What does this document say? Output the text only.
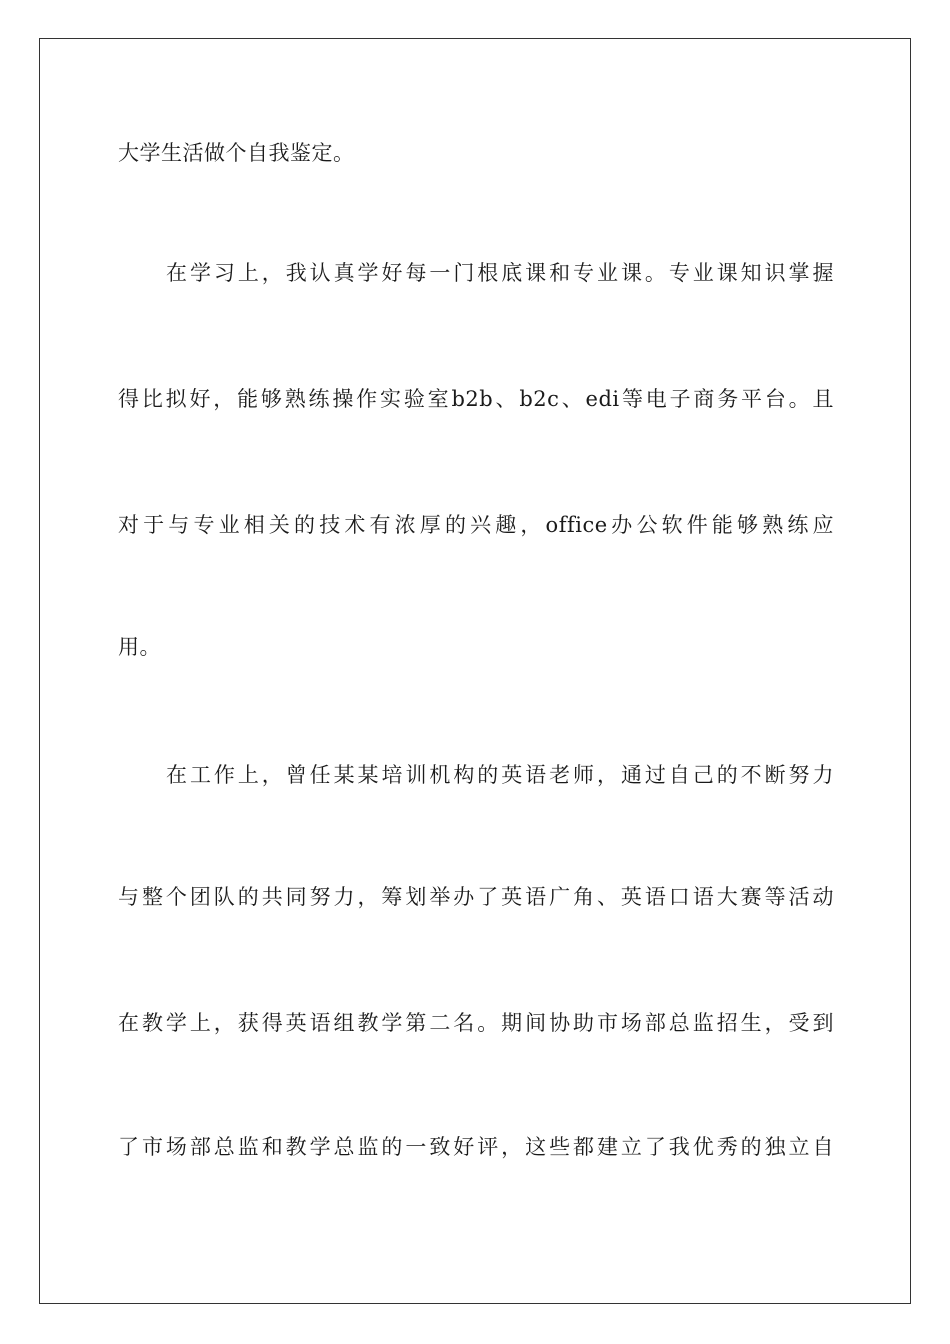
大学生活做个自我鉴定。
在学习上，我认真学好每一门根底课和专业课。专业课知识掌握
得比拟好，能够熟练操作实验室b2b、b2c、edi等电子商务平台。且
对于与专业相关的技术有浓厚的兴趣，office办公软件能够熟练应
用。
在工作上，曾任某某培训机构的英语老师，通过自己的不断努力
与整个团队的共同努力，筹划举办了英语广角、英语口语大赛等活动
在教学上，获得英语组教学第二名。期间协助市场部总监招生，受到
了市场部总监和教学总监的一致好评，这些都建立了我优秀的独立自
